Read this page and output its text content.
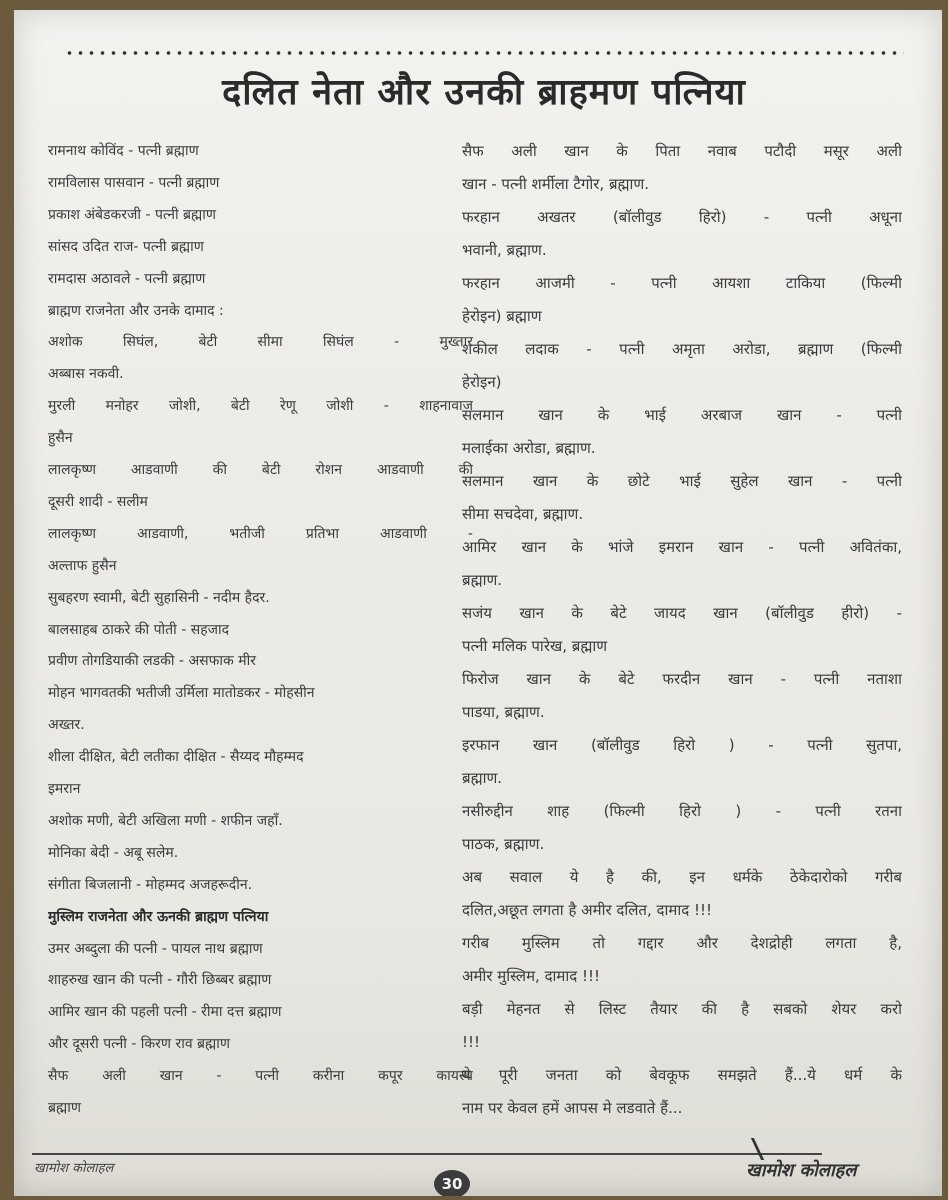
दलित नेता और उनकी ब्राहमण पत्निया
रामनाथ कोविंद - पत्नी ब्रह्माण
रामविलास पासवान - पत्नी ब्रह्माण
प्रकाश अंबेडकरजी - पत्नी ब्रह्माण
सांसद उदित राज- पत्नी ब्रह्माण
रामदास अठावले - पत्नी ब्रह्माण
ब्राह्मण राजनेता और उनके दामाद :
अशोक सिघंल, बेटी सीमा सिघंल - मुख्तार
अब्बास नकवी.
मुरली मनोहर जोशी, बेटी रेणू जोशी - शाहनावाज
हुसैन
लालकृष्ण आडवाणी की बेटी रोशन आडवाणी की
दूसरी शादी - सलीम
लालकृष्ण आडवाणी, भतीजी प्रतिभा आडवाणी -
अल्ताफ हुसैन
सुबहरण स्वामी, बेटी सुहासिनी - नदीम हैदर.
बालसाहब ठाकरे की पोती - सहजाद
प्रवीण तोगडियाकी लडकी - असफाक मीर
मोहन भागवतकी भतीजी उर्मिला मातोडकर - मोहसीन
अख्तर.
शीला दीक्षित, बेटी लतीका दीक्षित - सैय्यद मौहम्मद
इमरान
अशोक मणी, बेटी अखिला मणी - शफीन जहाँ.
मोनिका बेदी - अबू सलेम.
संगीता बिजलानी - मोहम्मद अजहरूदीन.
मुस्लिम राजनेता और ऊनकी ब्राह्मण पत्निया
उमर अब्दुला की पत्नी - पायल नाथ ब्रह्माण
शाहरुख खान की पत्नी - गौरी छिब्बर ब्रह्माण
आमिर खान की पहली पत्नी - रीमा दत्त ब्रह्माण
और दूसरी पत्नी - किरण राव ब्रह्माण
सैफ अली खान - पत्नी करीना कपूर कायस्थ
ब्रह्माण
सैफ अली खान के पिता नवाब पटौदी मसूर अली
खान - पत्नी शर्मीला टैगोर, ब्रह्माण.
फरहान अखतर (बॉलीवुड हिरो) - पत्नी अधूना
भवानी, ब्रह्माण.
फरहान आजमी - पत्नी आयशा टाकिया (फिल्मी
हेरोइन) ब्रह्माण
शकील लदाक - पत्नी अमृता अरोडा, ब्रह्माण (फिल्मी
हेरोइन)
सलमान खान के भाई अरबाज खान - पत्नी
मलाईका अरोडा, ब्रह्माण.
सलमान खान के छोटे भाई सुहेल खान - पत्नी
सीमा सचदेवा, ब्रह्माण.
आमिर खान के भांजे इमरान खान - पत्नी अवितंका,
ब्रह्माण.
सजंय खान के बेटे जायद खान (बॉलीवुड हीरो) -
पत्नी मलिक पारेख, ब्रह्माण
फिरोज खान के बेटे फरदीन खान - पत्नी नताशा
पाडया, ब्रह्माण.
इरफान खान (बॉलीवुड हिरो ) - पत्नी सुतपा,
ब्रह्माण.
नसीरुद्दीन शाह (फिल्मी हिरो ) - पत्नी रतना
पाठक, ब्रह्माण.
अब सवाल ये है की, इन धर्मके ठेकेदारोको गरीब
दलित,अछूत लगता है अमीर दलित, दामाद !!!
गरीब मुस्लिम तो गद्दार और देशद्रोही लगता है,
अमीर मुस्लिम, दामाद !!!
बड़ी मेहनत से लिस्ट तैयार की है सबको शेयर करो
!!!
ये पूरी जनता को बेवकूफ समझते हैं...ये धर्म के
नाम पर केवल हमें आपस मे लडवाते हैं...
खामोश कोलाहल
30
खामोश कोलाहल
